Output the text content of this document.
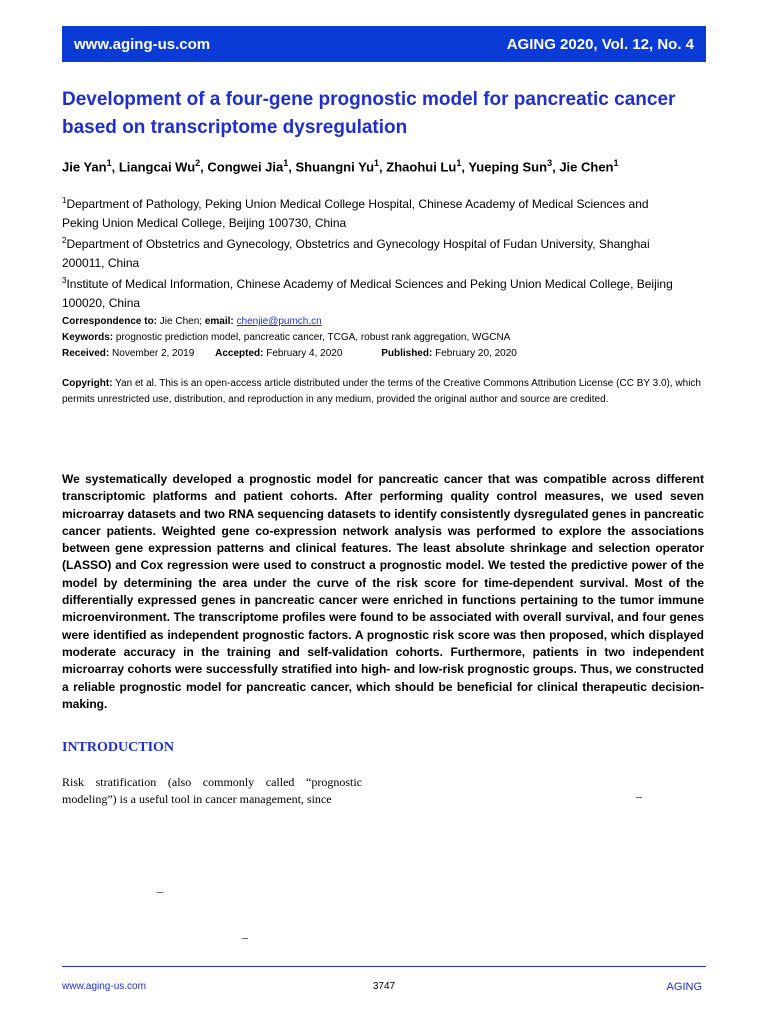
www.aging-us.com	AGING 2020, Vol. 12, No. 4
Development of a four-gene prognostic model for pancreatic cancer
based on transcriptome dysregulation
Jie Yan$^1$, Liangcai Wu$^2$, Congwei Jia$^1$, Shuangni Yu$^1$, Zhaohui Lu$^1$, Yueping Sun$^3$, Jie Chen$^1$
$^1$Department of Pathology, Peking Union Medical College Hospital, Chinese Academy of Medical Sciences and
Peking Union Medical College, Beijing 100730, China
$^2$Department of Obstetrics and Gynecology, Obstetrics and Gynecology Hospital of Fudan University, Shanghai
200011, China
$^3$Institute of Medical Information, Chinese Academy of Medical Sciences and Peking Union Medical College, Beijing
100020, China
Correspondence to: Jie Chen; email: chenjie@pumch.cn
Keywords: prognostic prediction model, pancreatic cancer, TCGA, robust rank aggregation, WGCNA
Received: November 2, 2019 Accepted: February 4, 2020	Published: February 20, 2020
Copyright: Yan et al. This is an open-access article distributed under the terms of the Creative Commons Attribution License (CC BY 3.0), which permits unrestricted use, distribution, and reproduction in any medium, provided the original author and source are credited.
We systematically developed a prognostic model for pancreatic cancer that was compatible across different transcriptomic platforms and patient cohorts. After performing quality control measures, we used seven microarray datasets and two RNA sequencing datasets to identify consistently dysregulated genes in pancreatic cancer patients. Weighted gene co-expression network analysis was performed to explore the associations between gene expression patterns and clinical features. The least absolute shrinkage and selection operator (LASSO) and Cox regression were used to construct a prognostic model. We tested the predictive power of the model by determining the area under the curve of the risk score for time-dependent survival. Most of the differentially expressed genes in pancreatic cancer were enriched in functions pertaining to the tumor immune microenvironment. The transcriptome profiles were found to be associated with overall survival, and four genes were identified as independent prognostic factors. A prognostic risk score was then proposed, which displayed moderate accuracy in the training and self-validation cohorts. Furthermore, patients in two independent microarray cohorts were successfully stratified into high- and low-risk prognostic groups. Thus, we constructed a reliable prognostic model for pancreatic cancer, which should be beneficial for clinical therapeutic decision-making.
INTRODUCTION
Risk stratification (also commonly called “prognostic modeling”) is a useful tool in cancer management, since	–
–
–
www.aging-us.com	3747	AGING
